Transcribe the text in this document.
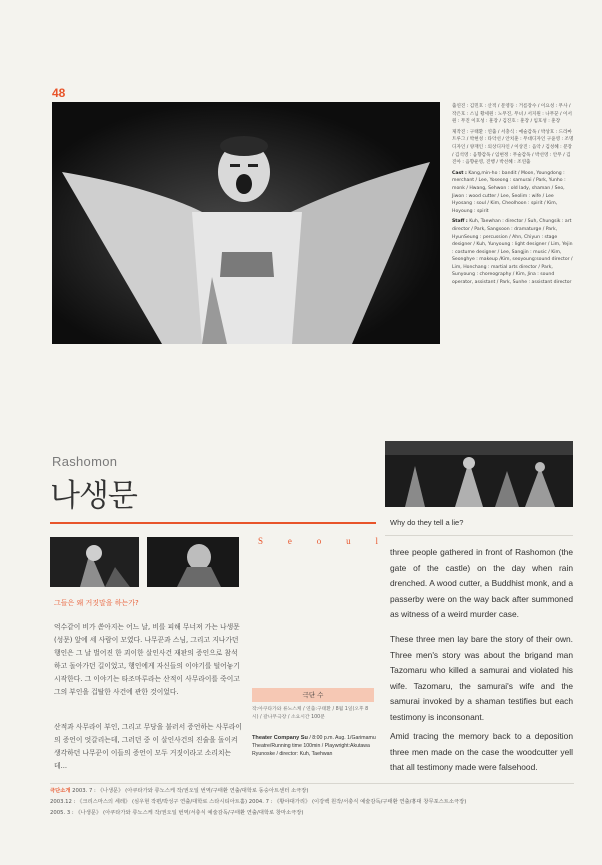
48

출연진 : 김민호 : 산적 / 문영동 : 거름장수 / 이요성 : 무사 / 작은호 : 스님 황세원 : 노무진, 무녀 / 서지원 : 나무꾼 / 이서원 : 무진 이호성 : 훈장 / 김진호 : 훈장 / 임호성 : 훈장

제작진 : 구태환 : 연출 / 서충식 : 예술감독 / 박상호 : 드라마 트루그 / 박현성 : 타악선 / 안치훈 : 무대디자인 구윤영 : 조명디자인 / 양재인 : 의상디자인 / 이상진 : 음악 / 김성혜 : 분장 / 김석영 : 음향감독 / 임현정 : 무술감독 / 박선영 : 안무 / 김진아 : 음향운영, 진행 / 박선혜 : 조연출

Cast : Kang,min-ho : bandit / Moon, Youngdong : merchant / Lee, Yoseong : samurai / Park, Yunho : monk / Hwang, Sehwon : old lady, shaman / Seo, Jiwon : wood cutter / Lee, Seolim : wife / Lee Hyosang : soul / Kim, Cheolhoon : spirit / Kim, Hoyoung : spirit

Staff : Kuh, Taewhan : director / Suh, Chungsik : art director / Park, Sangsoon : dramaturge / Park, HyunSeung : percussion / Ahn, Chiyun : stage designer / Kuh, Yunyoung : light designer / Lim, Yejin : costume designer / Lee, Sangjin : music / Kim, Seonghye : makeup /Kim, seoyoung:sound director / Lim, Honchang : martial arts director / Park, Sunyoung : choreography / Kim, Jina : sound operator, assistant / Park, Sunhe : assistant director

Rashomon
나생문
Why do they tell a lie?
S	e	o	u	l
그들은 왜 거짓말을 하는가?
억수같이 비가 쏟아지는 어느 날, 비를 피해 무너져 가는 나생문(성문) 앞에 세 사람이 모였다. 나무꾼과 스님, 그리고 지나가던 행인은 그 날 벌어진 한 괴이한 살인사건 재판의 증인으로 참석하고 돌아가던 길이었고, 행인에게 자신들의 이야기를 털어놓기 시작한다. 그 이야기는 타조마루라는 산적이 사무라이를 죽이고 그의 부인을 겁탈한 사건에 관한 것이었다.
산적과 사무라이 부인, 그리고 무당을 불러서 증언하는 사무라이의 증언이 엇갈리는데, 그러던 중 이 살인사건의 진술을 돌이켜 생각하던 나무꾼이 이들의 증언이 모두 거짓이라고 소리치는데...

three people gathered in front of Rashomon (the gate of the castle) on the day when rain drenched. A wood cutter, a Buddhist monk, and a passerby were on the way back after summoned as witness of a weird murder case.

These three men lay bare the story of their own. Three men's story was about the brigand man Tazomaru who killed a samurai and violated his wife. Tazomaru, the samurai's wife and the samurai invoked by a shaman testifies but each testimony is inconsonant.

Amid tracing the memory back to a deposition three men made on the case the woodcutter yell that all testimony made were falsehood.

극단 수
작:아쿠타가와 류노스케 / 연출:구태환 / 8월 1일(오후 8시) / 갈나무극장 / 소요시간 100분
Theater Company Su / 8:00 p.m. Aug. 1/Garimamu Theatre/Running time 100min / Playwright:Akutawa Ryunoske / director: Kuh, Taehwan
극단소개 2003. 7 : 《나생문》 (아쿠타가와 류노스케 작/권오일 번역/구태환 연출/대학로 동숭아트센터 소극장)
2003.12 : 《크리스마스의 세레》 (심우현 작편/박성구 연출/대학로 스타시티아트홀) 2004. 7 : 《황야대가리》 (이강백 원작/서충식 예술감독/구태환 연출/홍대 창무포스트소극장)
2005. 3 : 《나생문》 (아쿠타가와 류노스케 작/권오일 번역/서충식 예술감독/구태환 연출/대학로 창마소극장)
